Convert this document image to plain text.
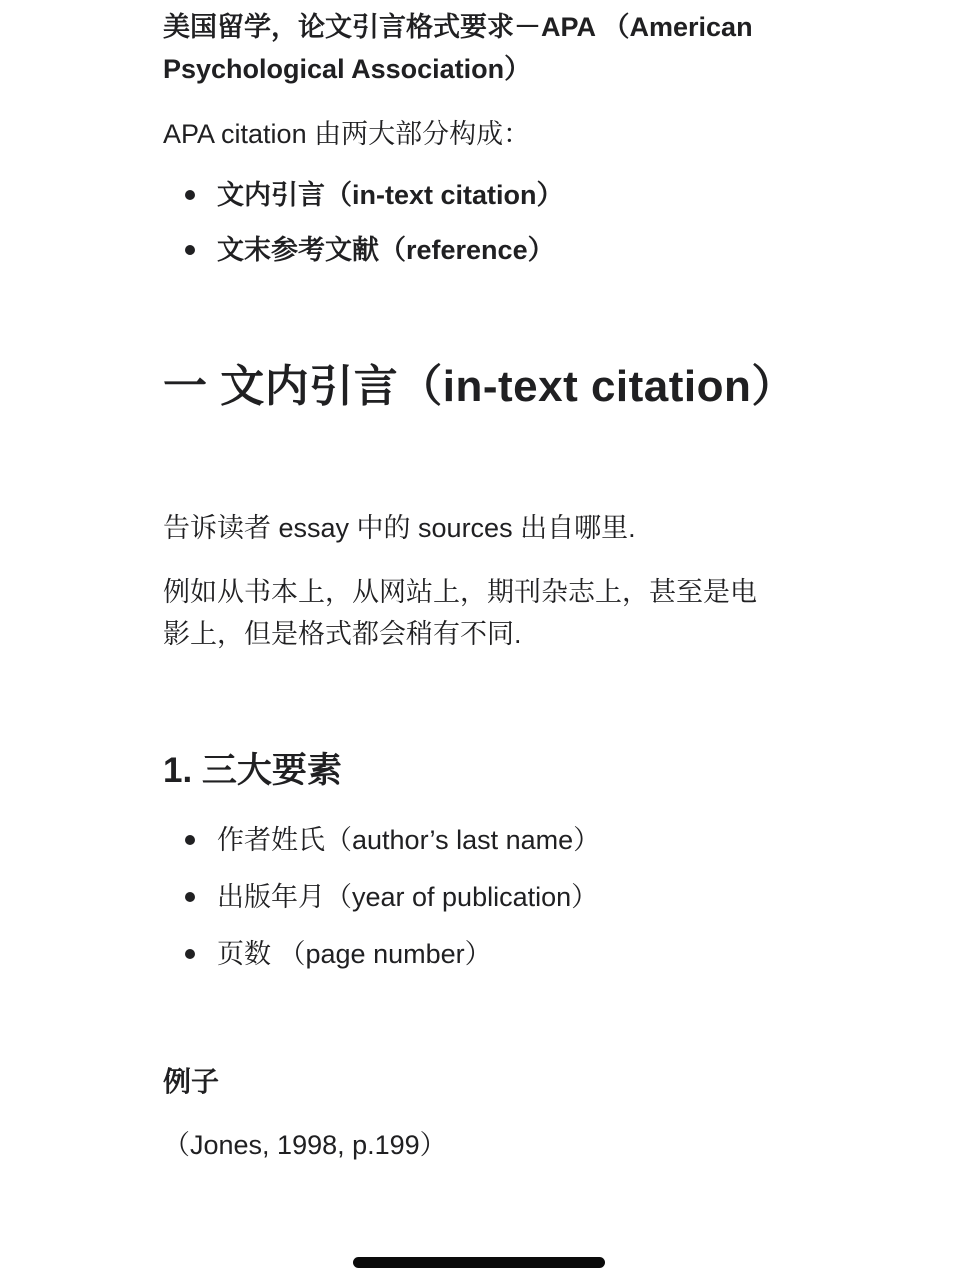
美国留学，论文引言格式要求－APA （American Psychological Association）

APA citation 由两大部分构成：

文内引言（in-text citation）
文末参考文献（reference）
一 文内引言（in-text citation）

告诉读者 essay 中的 sources 出自哪里.

例如从书本上，从网站上，期刊杂志上，甚至是电影上，但是格式都会稍有不同.

1. 三大要素
作者姓氏（author’s last name）
出版年月（year of publication）
页数 （page number）
例子

（Jones, 1998, p.199）
